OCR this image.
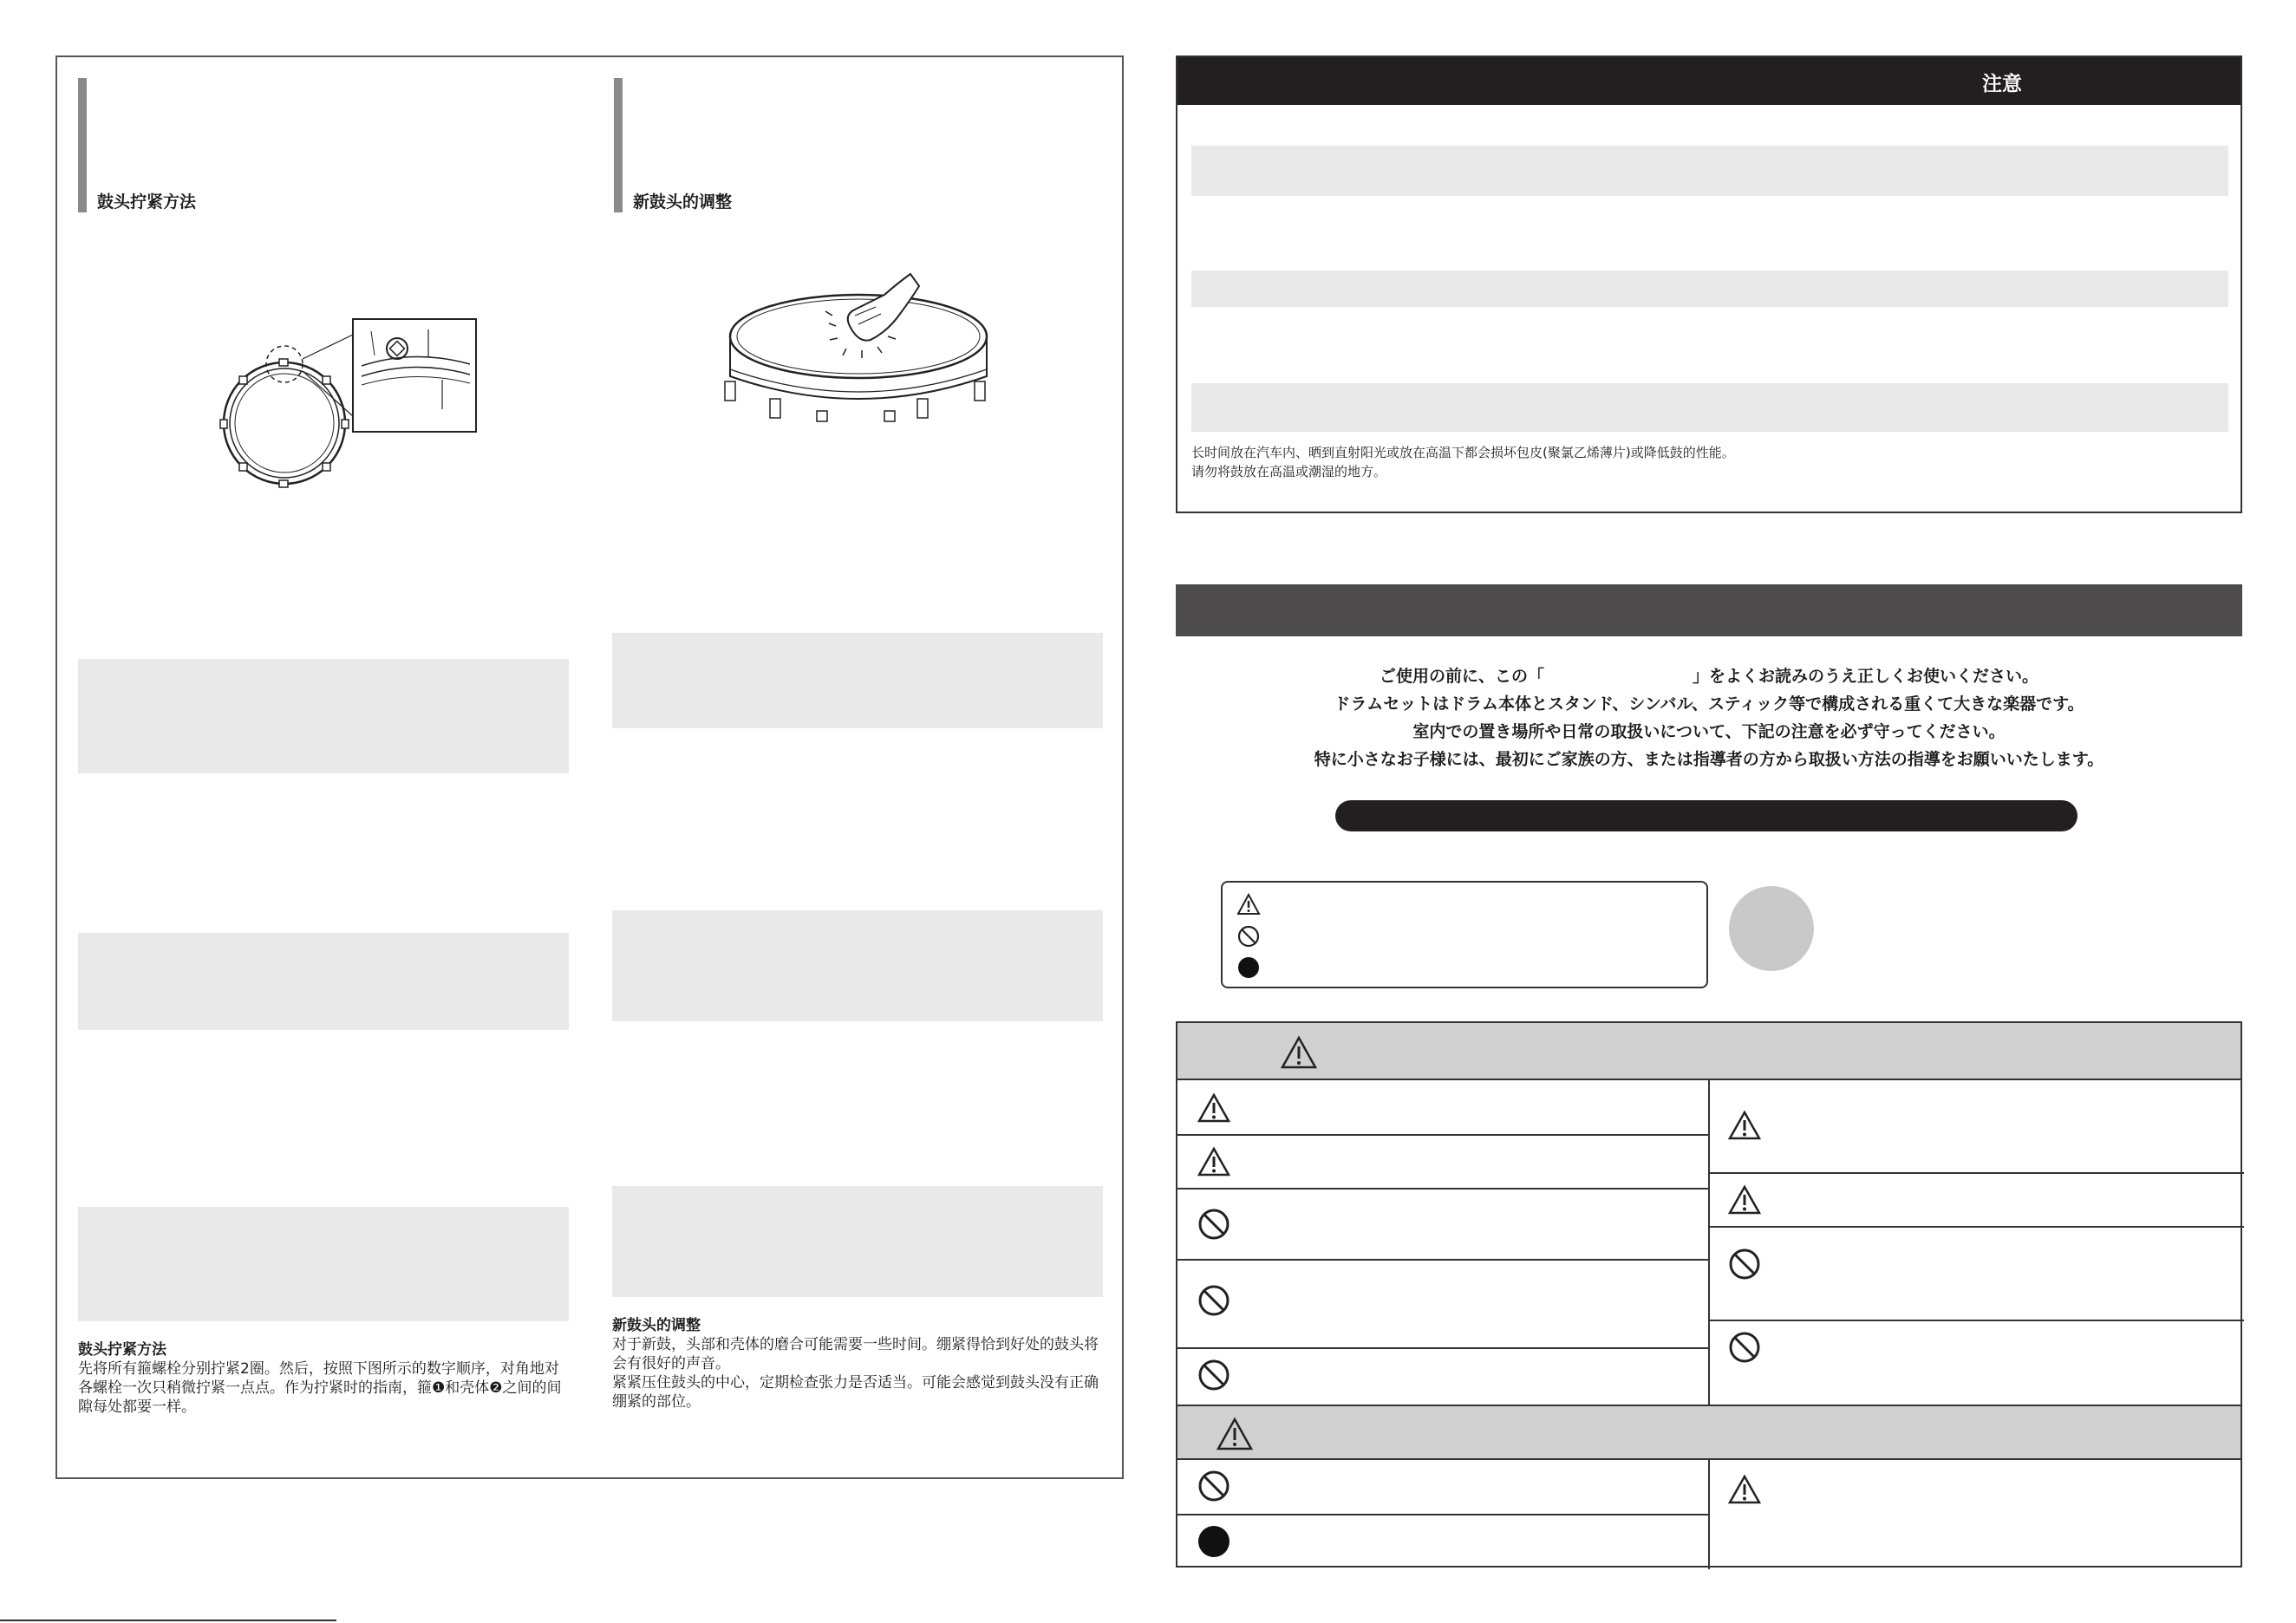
鼓头拧紧方法	新鼓头的调整
鼓头拧紧方法
先将所有箍螺栓分别拧紧2圈。然后，按照下图所示的数字顺序，对角地对各螺栓一次只稍微拧紧一点点。作为拧紧时的指南，箍❶和壳体❷之间的间隙每处都要一样。
新鼓头的调整
对于新鼓，头部和壳体的磨合可能需要一些时间。绷紧得恰到好处的鼓头将会有很好的声音。
紧紧压住鼓头的中心，定期检查张力是否适当。可能会感觉到鼓头没有正确绷紧的部位。
注意
长时间放在汽车内、晒到直射阳光或放在高温下都会损坏包皮(聚氯乙烯薄片)或降低鼓的性能。
请勿将鼓放在高温或潮湿的地方。
ご使用の前に、この「　　　　　　　　　」をよくお読みのうえ正しくお使いください。
ドラムセットはドラム本体とスタンド、シンバル、スティック等で構成される重くて大きな楽器です。
室内での置き場所や日常の取扱いについて、下記の注意を必ず守ってください。
特に小さなお子様には、最初にご家族の方、または指導者の方から取扱い方法の指導をお願いいたします。
